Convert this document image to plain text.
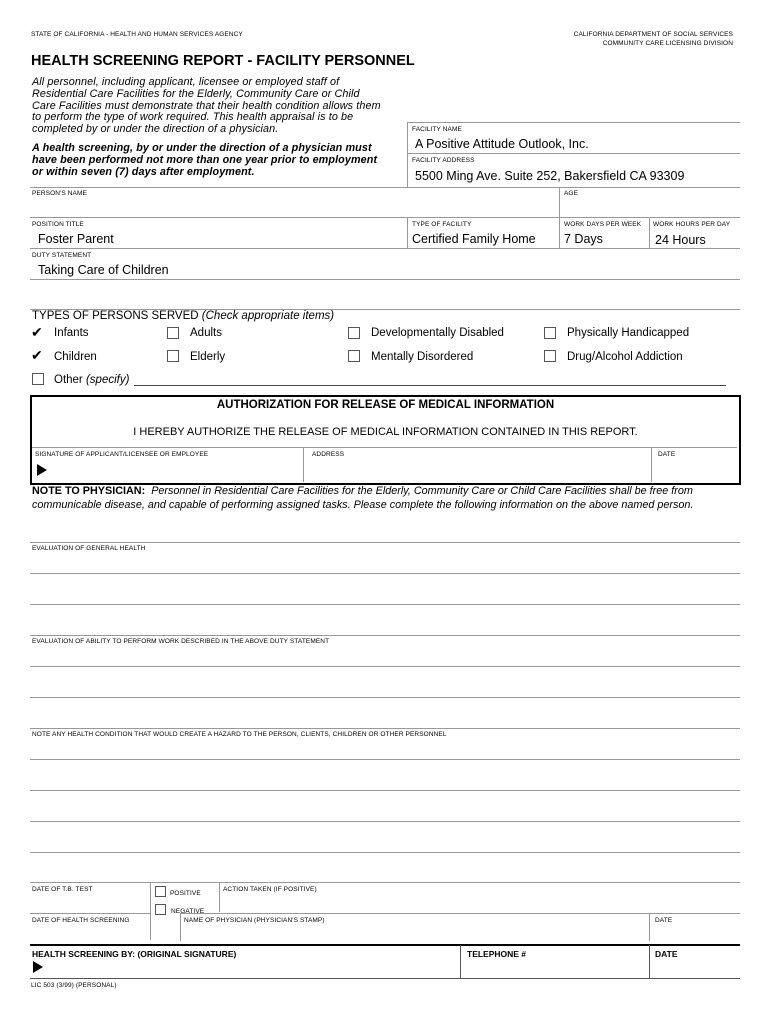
STATE OF CALIFORNIA - HEALTH AND HUMAN SERVICES AGENCY	CALIFORNIA DEPARTMENT OF SOCIAL SERVICES
COMMUNITY CARE LICENSING DIVISION
HEALTH SCREENING REPORT - FACILITY PERSONNEL
All personnel, including applicant, licensee or employed staff of
Residential Care Facilities for the Elderly, Community Care or Child
Care Facilities must demonstrate that their health condition allows them
to perform the type of work required. This health appraisal is to be
completed by or under the direction of a physician.
A health screening, by or under the direction of a physician must
have been performed not more than one year prior to employment
or within seven (7) days after employment.
FACILITY NAME
A Positive Attitude Outlook, Inc.
FACILITY ADDRESS
5500 Ming Ave. Suite 252, Bakersfield CA 93309
PERSON'S NAME	AGE
POSITION TITLE
Foster Parent
TYPE OF FACILITY
Certified Family Home
WORK DAYS PER WEEK
7 Days
WORK HOURS PER DAY
24 Hours
DUTY STATEMENT
Taking Care of Children
TYPES OF PERSONS SERVED (Check appropriate items)
✔ Infants	Adults	Developmentally Disabled	Physically Handicapped
✔ Children	Elderly	Mentally Disordered	Drug/Alcohol Addiction
Other (specify)
AUTHORIZATION FOR RELEASE OF MEDICAL INFORMATION
I HEREBY AUTHORIZE THE RELEASE OF MEDICAL INFORMATION CONTAINED IN THIS REPORT.
SIGNATURE OF APPLICANT/LICENSEE OR EMPLOYEE	ADDRESS	DATE
NOTE TO PHYSICIAN: Personnel in Residential Care Facilities for the Elderly, Community Care or Child Care Facilities shall be free from
communicable disease, and capable of performing assigned tasks. Please complete the following information on the above named person.
EVALUATION OF GENERAL HEALTH
EVALUATION OF ABILITY TO PERFORM WORK DESCRIBED IN THE ABOVE DUTY STATEMENT
NOTE ANY HEALTH CONDITION THAT WOULD CREATE A HAZARD TO THE PERSON, CLIENTS, CHILDREN OR OTHER PERSONNEL
DATE OF T.B. TEST
POSITIVE
NEGATIVE
ACTION TAKEN (IF POSITIVE)
DATE OF HEALTH SCREENING	NAME OF PHYSICIAN (PHYSICIAN'S STAMP)	DATE
HEALTH SCREENING BY: (ORIGINAL SIGNATURE)	TELEPHONE #	DATE
LIC 503 (3/99) (PERSONAL)
